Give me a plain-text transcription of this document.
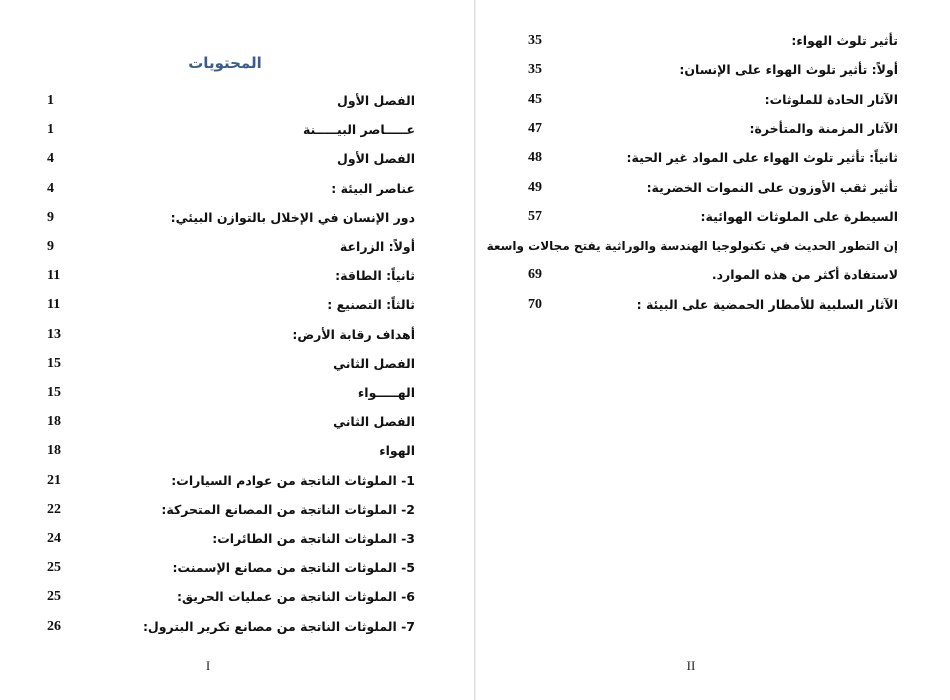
المحتويات
الفصل الأول
1
عـــــاصر البيـــــنة
1
الفصل الأول
4
عناصر البيئة :
4
دور الإنسان في الإخلال بالتوازن البيئي:
9
أولاً: الزراعة
9
ثانياً: الطاقة:
11
ثالثاً: التصنيع :
11
أهداف رقابة الأرض:
13
الفصل الثاني
15
الهـــــواء
15
الفصل الثاني
18
الهواء
18
1- الملوثات الناتجة من عوادم السيارات:
21
2- الملوثات الناتجة من المصانع المتحركة:
22
3- الملوثات الناتجة من الطائرات:
24
5- الملوثات الناتجة من مصانع الإسمنت:
25
6- الملوثات الناتجة من عمليات الحريق:
25
7- الملوثات الناتجة من مصانع تكرير البترول:
26
I
تأثير تلوث الهواء:
35
أولاً: تأثير تلوث الهواء على الإنسان:
35
الآثار الحادة للملوثات:
45
الآثار المزمنة والمتأخرة:
47
ثانياً: تأثير تلوث الهواء على المواد غير الحية:
48
تأثير ثقب الأوزون على النموات الخضرية:
49
السيطرة على الملوثات الهوائية:
57
إن التطور الحديث في تكنولوجيا الهندسة والوراثية يفتح مجالات واسعة
لاستفادة أكثر من هذه الموارد.
69
الآثار السلبية للأمطار الحمضية على البيئة :
70
II
